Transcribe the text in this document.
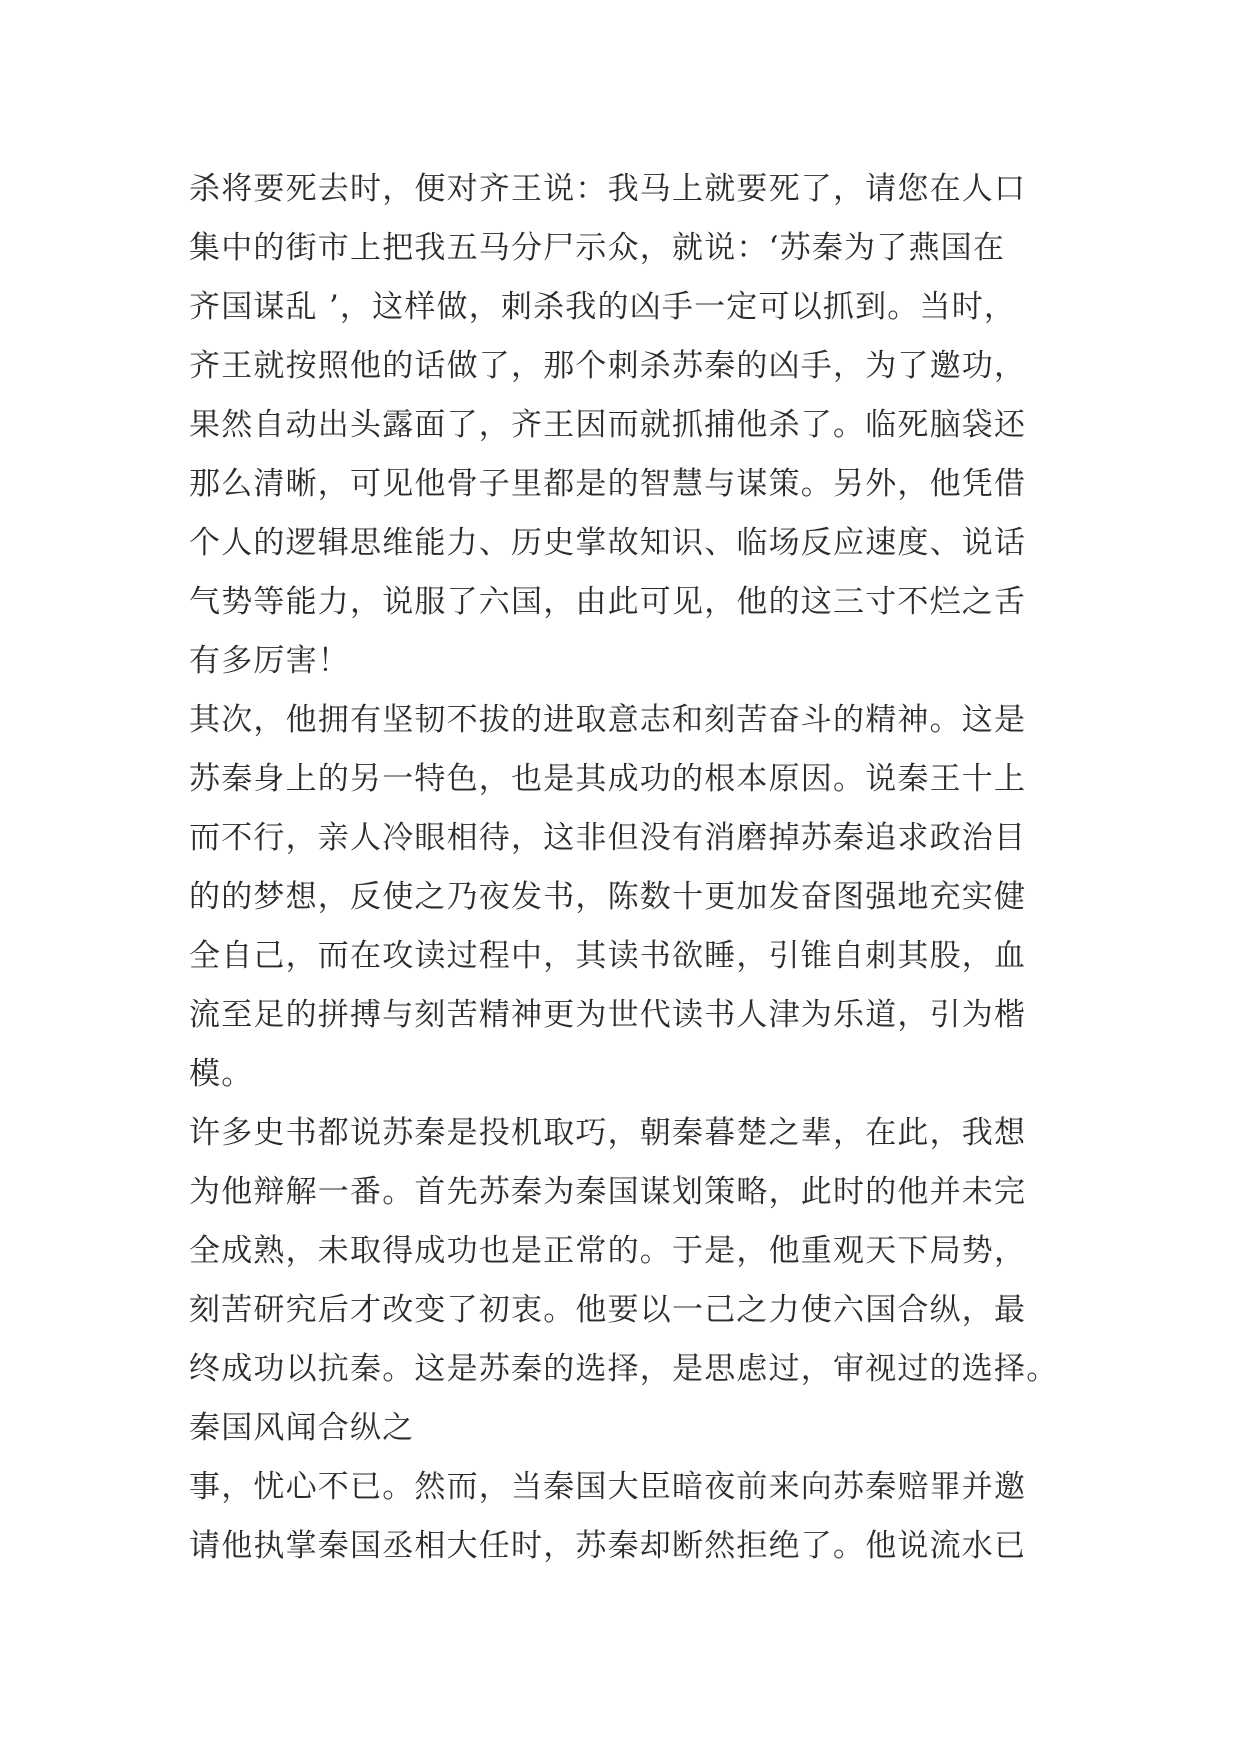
杀将要死去时，便对齐王说：我马上就要死了，请您在人口
集中的街市上把我五马分尸示众，就说：‘苏秦为了燕国在
齐国谋乱 ’，这样做，刺杀我的凶手一定可以抓到。当时，
齐王就按照他的话做了，那个刺杀苏秦的凶手，为了邀功，
果然自动出头露面了，齐王因而就抓捕他杀了。临死脑袋还
那么清晰，可见他骨子里都是的智慧与谋策。另外，他凭借
个人的逻辑思维能力、历史掌故知识、临场反应速度、说话
气势等能力，说服了六国，由此可见，他的这三寸不烂之舌
有多厉害！
其次，他拥有坚韧不拔的进取意志和刻苦奋斗的精神。这是
苏秦身上的另一特色，也是其成功的根本原因。说秦王十上
而不行，亲人冷眼相待，这非但没有消磨掉苏秦追求政治目
的的梦想，反使之乃夜发书，陈数十更加发奋图强地充实健
全自己，而在攻读过程中，其读书欲睡，引锥自刺其股，血
流至足的拼搏与刻苦精神更为世代读书人津为乐道，引为楷
模。
许多史书都说苏秦是投机取巧，朝秦暮楚之辈，在此，我想
为他辩解一番。首先苏秦为秦国谋划策略，此时的他并未完
全成熟，未取得成功也是正常的。于是，他重观天下局势，
刻苦研究后才改变了初衷。他要以一己之力使六国合纵，最
终成功以抗秦。这是苏秦的选择，是思虑过，审视过的选择。
秦国风闻合纵之
事，忧心不已。然而，当秦国大臣暗夜前来向苏秦赔罪并邀
请他执掌秦国丞相大任时，苏秦却断然拒绝了。他说流水已
